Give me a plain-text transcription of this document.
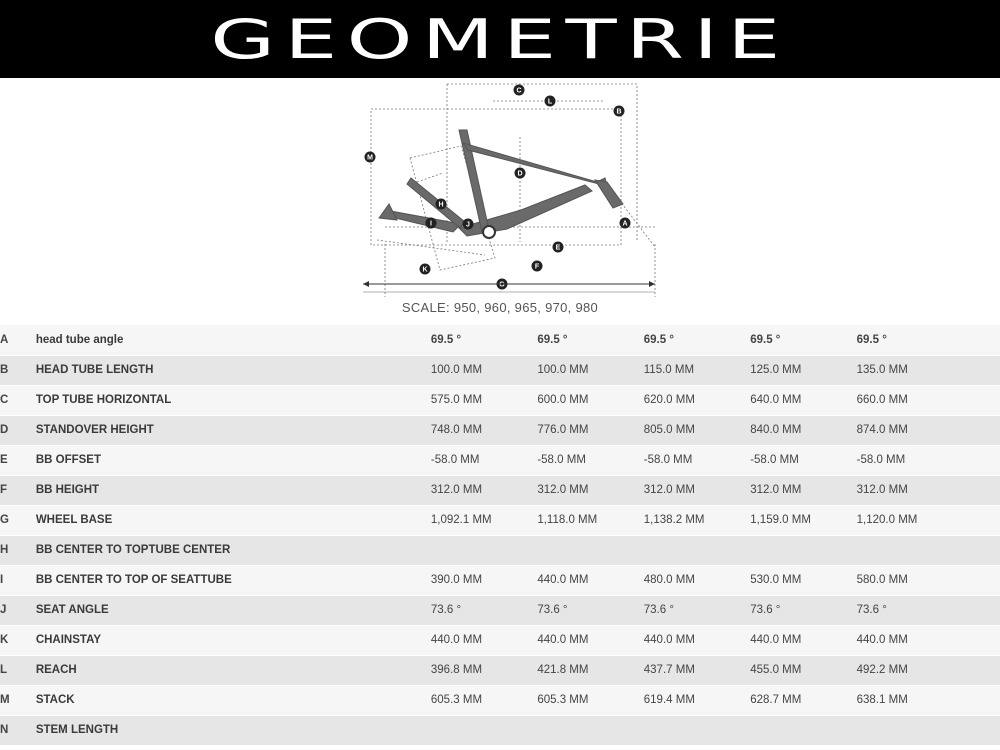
GEOMETRIE
C
L
B
M
D
H
I	J	A
E
F
K
G
SCALE: 950, 960, 965, 970, 980
A	head tube angle	69.5 °	69.5 °	69.5 °	69.5 °	69.5 °
B	HEAD TUBE LENGTH	100.0 MM	100.0 MM	115.0 MM	125.0 MM	135.0 MM
C	TOP TUBE HORIZONTAL	575.0 MM	600.0 MM	620.0 MM	640.0 MM	660.0 MM
D	STANDOVER HEIGHT	748.0 MM	776.0 MM	805.0 MM	840.0 MM	874.0 MM
E	BB OFFSET	-58.0 MM	-58.0 MM	-58.0 MM	-58.0 MM	-58.0 MM
F	BB HEIGHT	312.0 MM	312.0 MM	312.0 MM	312.0 MM	312.0 MM
G	WHEEL BASE	1,092.1 MM	1,118.0 MM	1,138.2 MM	1,159.0 MM	1,120.0 MM
H	BB CENTER TO TOPTUBE CENTER					
I	BB CENTER TO TOP OF SEATTUBE	390.0 MM	440.0 MM	480.0 MM	530.0 MM	580.0 MM
J	SEAT ANGLE	73.6 °	73.6 °	73.6 °	73.6 °	73.6 °
K	CHAINSTAY	440.0 MM	440.0 MM	440.0 MM	440.0 MM	440.0 MM
L	REACH	396.8 MM	421.8 MM	437.7 MM	455.0 MM	492.2 MM
M	STACK	605.3 MM	605.3 MM	619.4 MM	628.7 MM	638.1 MM
N	STEM LENGTH					
